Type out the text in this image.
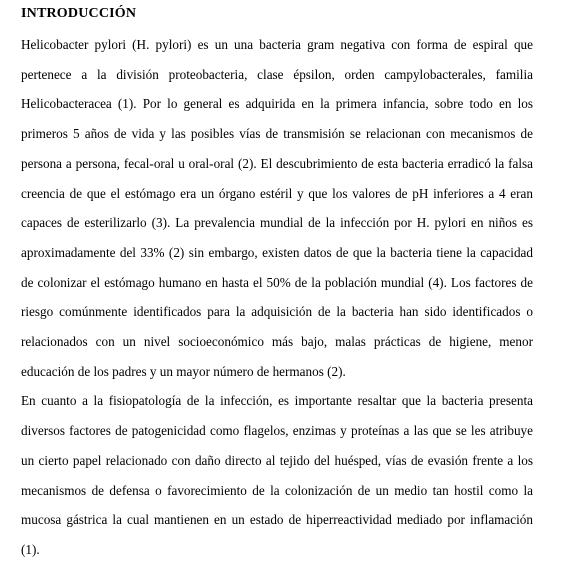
INTRODUCCIÓN

Helicobacter pylori (H. pylori) es un una bacteria gram negativa con forma de espiral que pertenece a la división proteobacteria, clase épsilon, orden campylobacterales, familia Helicobacteracea (1). Por lo general es adquirida en la primera infancia, sobre todo en los primeros 5 años de vida y las posibles vías de transmisión se relacionan con mecanismos de persona a persona, fecal-oral u oral-oral (2). El descubrimiento de esta bacteria erradicó la falsa creencia de que el estómago era un órgano estéril y que los valores de pH inferiores a 4 eran capaces de esterilizarlo (3). La prevalencia mundial de la infección por H. pylori en niños es aproximadamente del 33% (2) sin embargo, existen datos de que la bacteria tiene la capacidad de colonizar el estómago humano en hasta el 50% de la población mundial (4). Los factores de riesgo comúnmente identificados para la adquisición de la bacteria han sido identificados o relacionados con un nivel socioeconómico más bajo, malas prácticas de higiene, menor educación de los padres y un mayor número de hermanos (2).

En cuanto a la fisiopatología de la infección, es importante resaltar que la bacteria presenta diversos factores de patogenicidad como flagelos, enzimas y proteínas a las que se les atribuye un cierto papel relacionado con daño directo al tejido del huésped, vías de evasión frente a los mecanismos de defensa o favorecimiento de la colonización de un medio tan hostil como la mucosa gástrica la cual mantienen en un estado de hiperreactividad mediado por inflamación (1).
